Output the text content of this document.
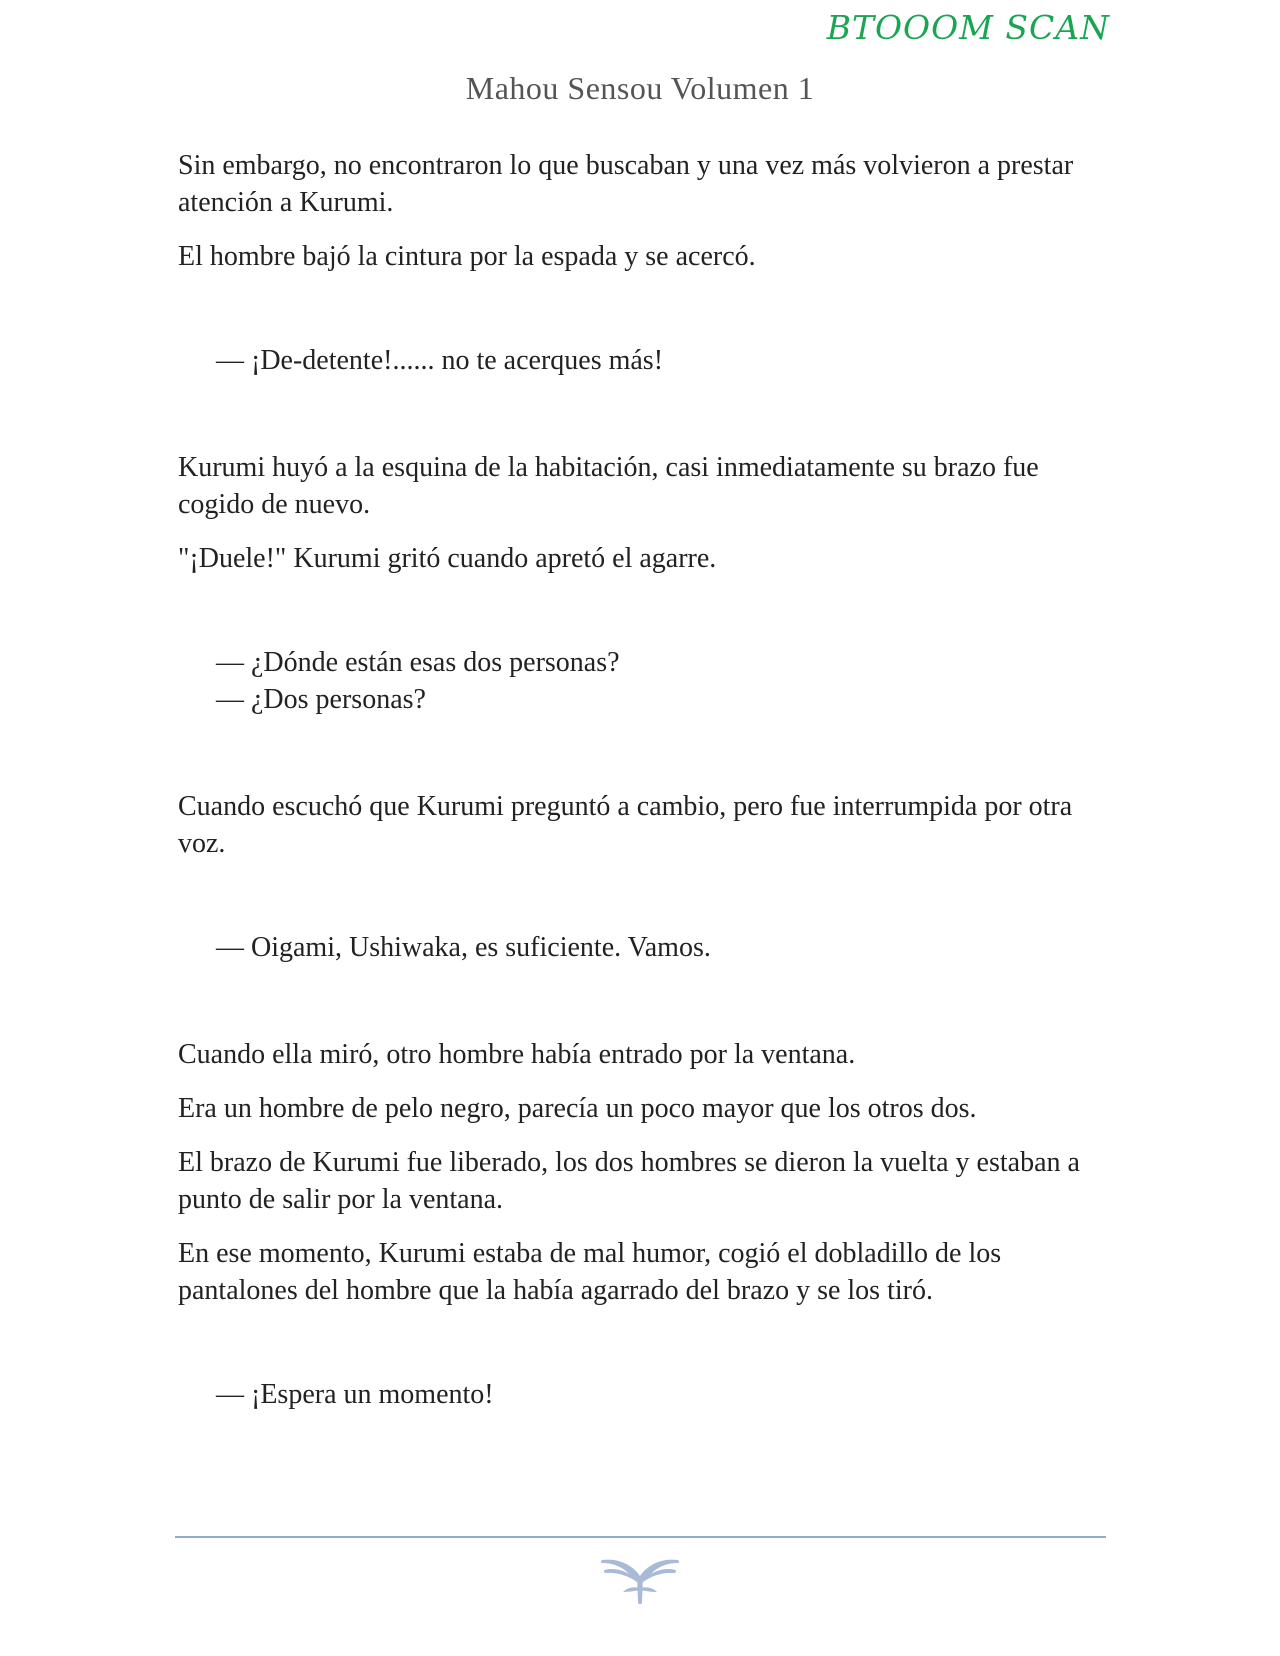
BTOOOM SCAN
Mahou Sensou Volumen 1

Sin embargo, no encontraron lo que buscaban y una vez más volvieron a prestar atención a Kurumi.

El hombre bajó la cintura por la espada y se acercó.

— ¡De-detente!...... no te acerques más!

Kurumi huyó a la esquina de la habitación, casi inmediatamente su brazo fue cogido de nuevo.

"¡Duele!" Kurumi gritó cuando apretó el agarre.

— ¿Dónde están esas dos personas?

— ¿Dos personas?

Cuando escuchó que Kurumi preguntó a cambio, pero fue interrumpida por otra voz.

— Oigami, Ushiwaka, es suficiente. Vamos.

Cuando ella miró, otro hombre había entrado por la ventana.

Era un hombre de pelo negro, parecía un poco mayor que los otros dos.

El brazo de Kurumi fue liberado, los dos hombres se dieron la vuelta y estaban a punto de salir por la ventana.

En ese momento, Kurumi estaba de mal humor, cogió el dobladillo de los pantalones del hombre que la había agarrado del brazo y se los tiró.

— ¡Espera un momento!
